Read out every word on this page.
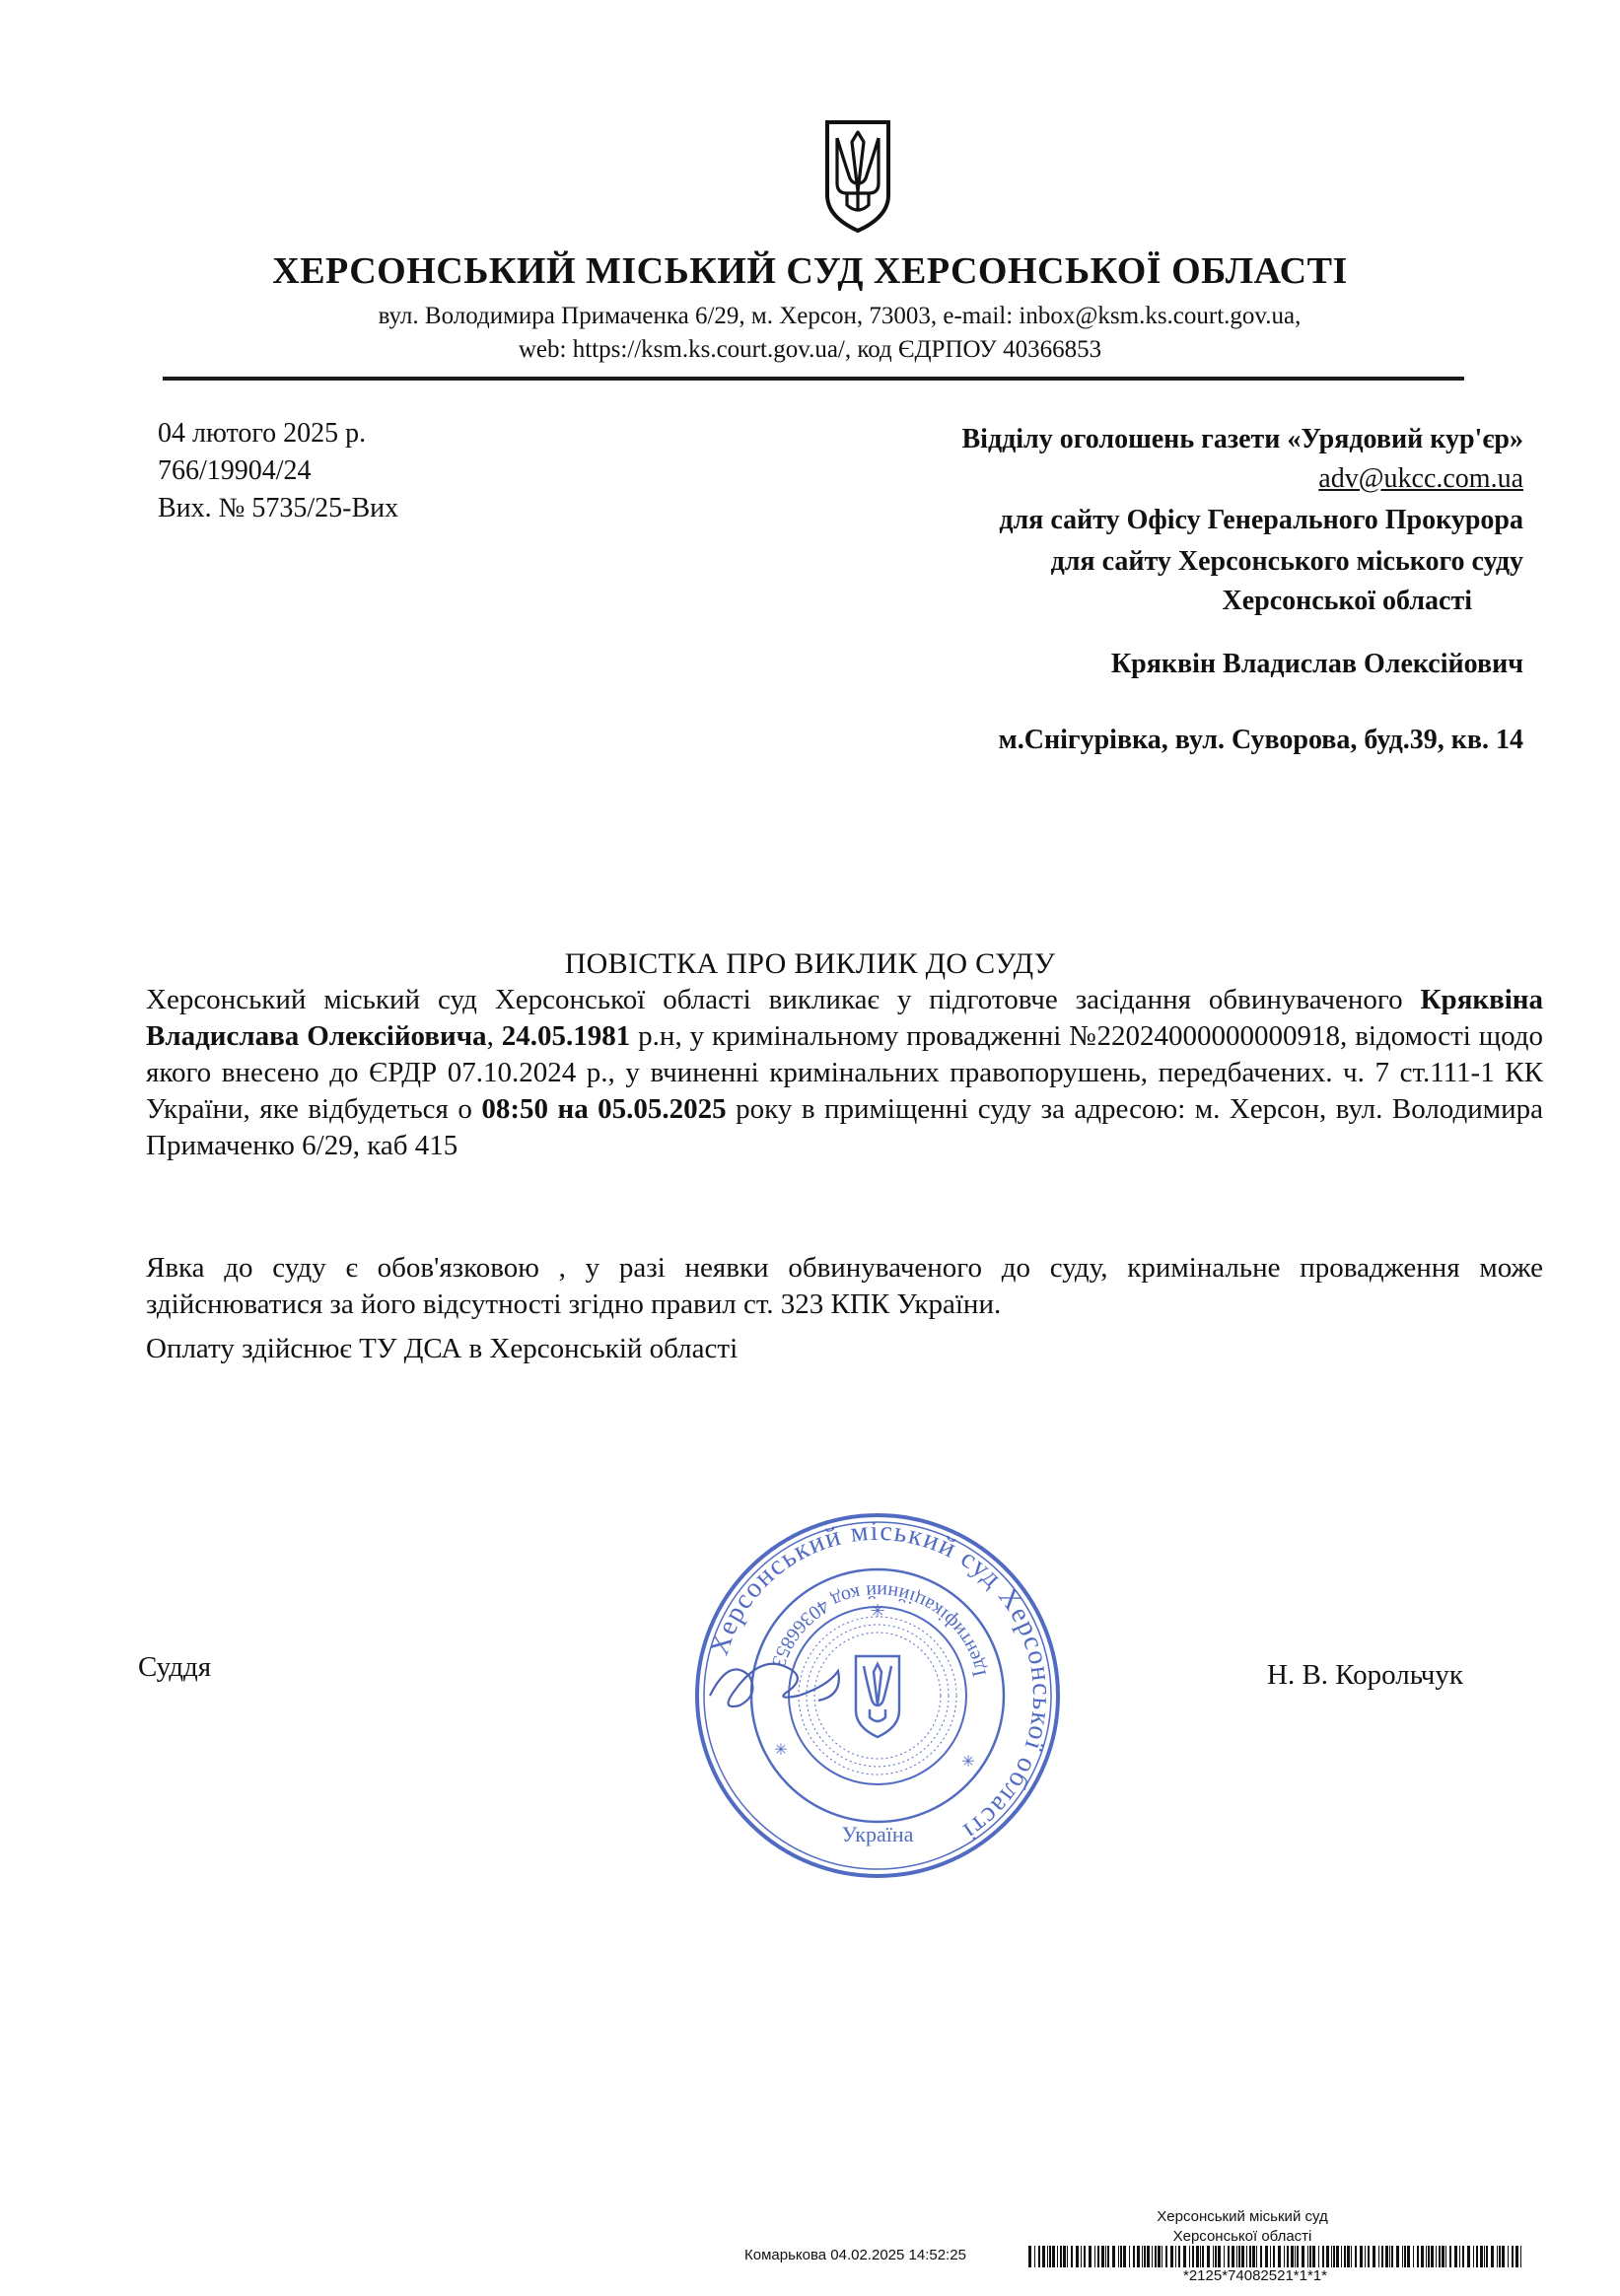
ХЕРСОНСЬКИЙ МІСЬКИЙ СУД ХЕРСОНСЬКОЇ ОБЛАСТІ
вул. Володимира Примаченка 6/29, м. Херсон, 73003, e-mail: inbox@ksm.ks.court.gov.ua,
web: https://ksm.ks.court.gov.ua/, код ЄДРПОУ 40366853
04 лютого 2025 р.
766/19904/24
Вих. № 5735/25-Вих
Відділу оголошень газети «Урядовий кур'єр»
adv@ukcc.com.ua
для сайту Офісу Генерального Прокурора
для сайту Херсонського міського суду
Херсонської області
Кряквін Владислав Олексійович
м.Снігурівка, вул. Суворова, буд.39, кв. 14
ПОВІСТКА ПРО ВИКЛИК ДО СУДУ
Херсонський міський суд Херсонської області викликає у підготовче засідання обвинуваченого Кряквіна Владислава Олексійовича, 24.05.1981 р.н, у кримінальному провадженні №22024000000000918, відомості щодо якого внесено до ЄРДР 07.10.2024 р., у вчиненні кримінальних правопорушень, передбачених. ч. 7 ст.111-1 КК України, яке відбудеться о 08:50 на 05.05.2025 року в приміщенні суду за адресою: м. Херсон, вул. Володимира Примаченко 6/29, каб 415
Явка до суду є обов'язковою , у разі неявки обвинуваченого до суду, кримінальне провадження може здійснюватися за його відсутності згідно правил ст. 323 КПК України.
Оплату здійснює ТУ ДСА в Херсонській області
Суддя	Н. В. Корольчук
Херсонський міський суд Херсонської області
Ідентифікаційний код 40366853
Україна
✳
✳
✳
Херсонський міський суд
Херсонської області
Комарькова 04.02.2025 14:52:25
*2125*74082521*1*1*
